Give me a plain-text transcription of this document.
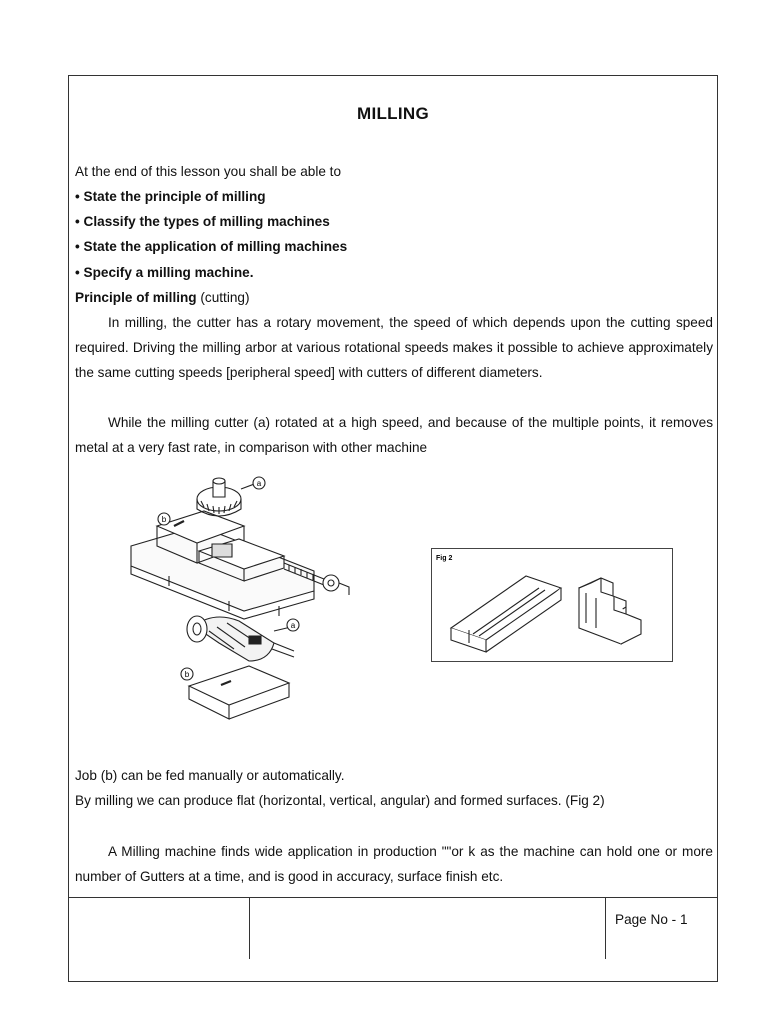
MILLING
At the end of this lesson you shall be able to
• State the principle of milling
• Classify the types of milling machines
• State the application of milling machines
• Specify a milling machine.
Principle of milling (cutting)
In milling, the cutter has a rotary movement, the speed of which depends upon the cutting speed required. Driving the milling arbor at various rotational speeds makes it possible to achieve approximately the same cutting speeds [peripheral speed] with cutters of different diameters.
While the milling cutter (a) rotated at a high speed, and because of the multiple points, it removes metal at a very fast rate, in comparison with other machine
a
b
a
b
Fig 2
Job (b) can be fed manually or automatically.
By milling we can produce flat (horizontal, vertical, angular) and formed surfaces. (Fig 2)
A Milling machine finds wide application in production ""or k as the machine can hold one or more number of Gutters at a time, and is good in accuracy, surface finish etc.
Page No - 1
